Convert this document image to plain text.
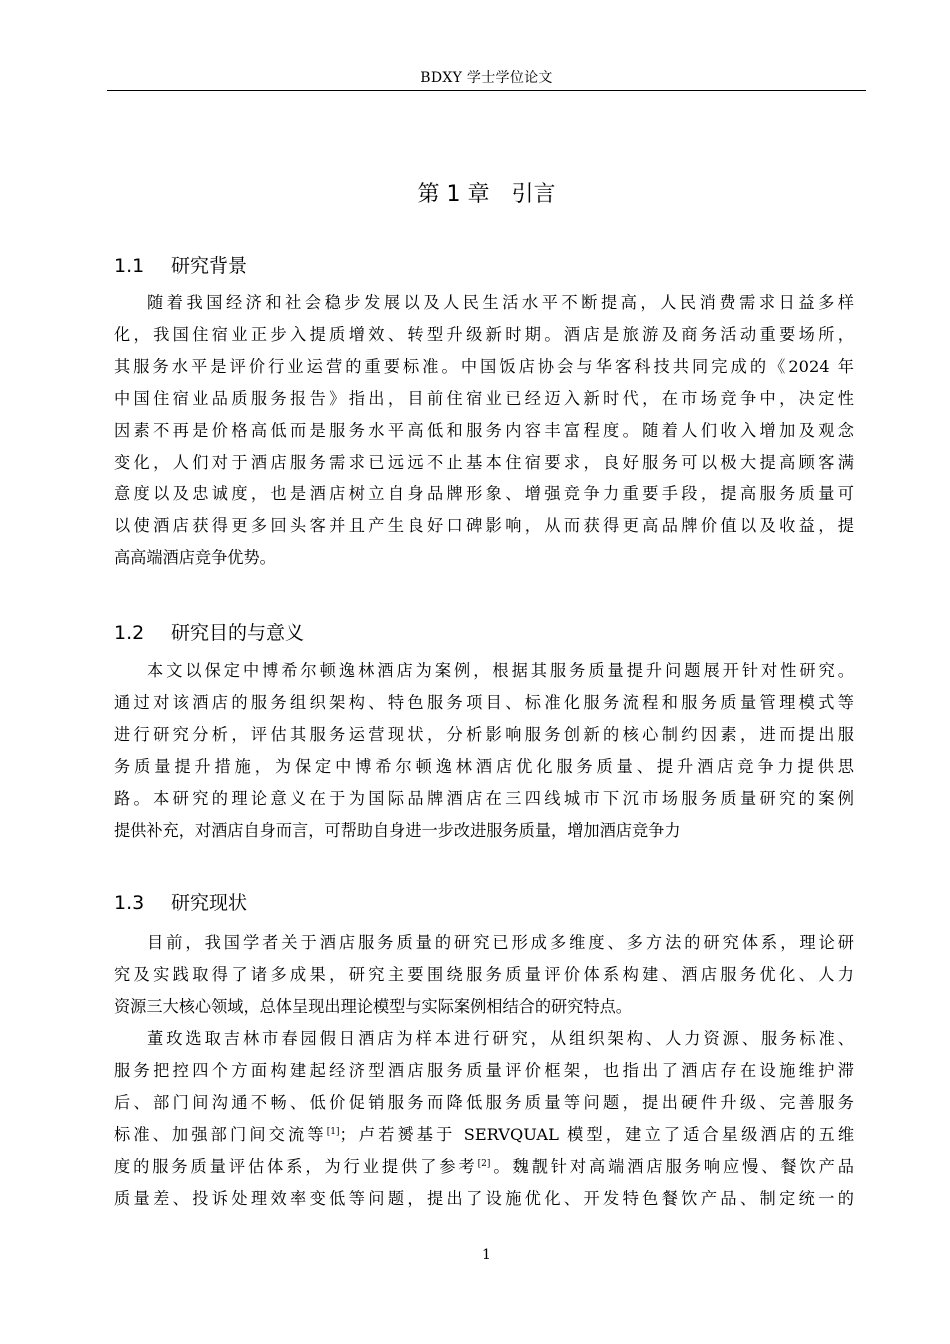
BDXY 学士学位论文
第 1 章 引言
1.1 研究背景
随着我国经济和社会稳步发展以及人民生活水平不断提高，人民消费需求日益多样
化，我国住宿业正步入提质增效、转型升级新时期。酒店是旅游及商务活动重要场所，
其服务水平是评价行业运营的重要标准。中国饭店协会与华客科技共同完成的《2024 年
中国住宿业品质服务报告》指出，目前住宿业已经迈入新时代，在市场竞争中，决定性
因素不再是价格高低而是服务水平高低和服务内容丰富程度。随着人们收入增加及观念
变化，人们对于酒店服务需求已远远不止基本住宿要求，良好服务可以极大提高顾客满
意度以及忠诚度，也是酒店树立自身品牌形象、增强竞争力重要手段，提高服务质量可
以使酒店获得更多回头客并且产生良好口碑影响，从而获得更高品牌价值以及收益，提
高高端酒店竞争优势。
1.2 研究目的与意义
本文以保定中博希尔顿逸林酒店为案例，根据其服务质量提升问题展开针对性研究。
通过对该酒店的服务组织架构、特色服务项目、标准化服务流程和服务质量管理模式等
进行研究分析，评估其服务运营现状，分析影响服务创新的核心制约因素，进而提出服
务质量提升措施，为保定中博希尔顿逸林酒店优化服务质量、提升酒店竞争力提供思
路。本研究的理论意义在于为国际品牌酒店在三四线城市下沉市场服务质量研究的案例
提供补充，对酒店自身而言，可帮助自身进一步改进服务质量，增加酒店竞争力
1.3 研究现状
目前，我国学者关于酒店服务质量的研究已形成多维度、多方法的研究体系，理论研
究及实践取得了诸多成果，研究主要围绕服务质量评价体系构建、酒店服务优化、人力
资源三大核心领域，总体呈现出理论模型与实际案例相结合的研究特点。
董玫选取吉林市春园假日酒店为样本进行研究，从组织架构、人力资源、服务标准、
服务把控四个方面构建起经济型酒店服务质量评价框架，也指出了酒店存在设施维护滞
后、部门间沟通不畅、低价促销服务而降低服务质量等问题，提出硬件升级、完善服务
标准、加强部门间交流等[1]；卢若赟基于 SERVQUAL 模型，建立了适合星级酒店的五维
度的服务质量评估体系，为行业提供了参考[2]。魏靓针对高端酒店服务响应慢、餐饮产品
质量差、投诉处理效率变低等问题，提出了设施优化、开发特色餐饮产品、制定统一的
1
